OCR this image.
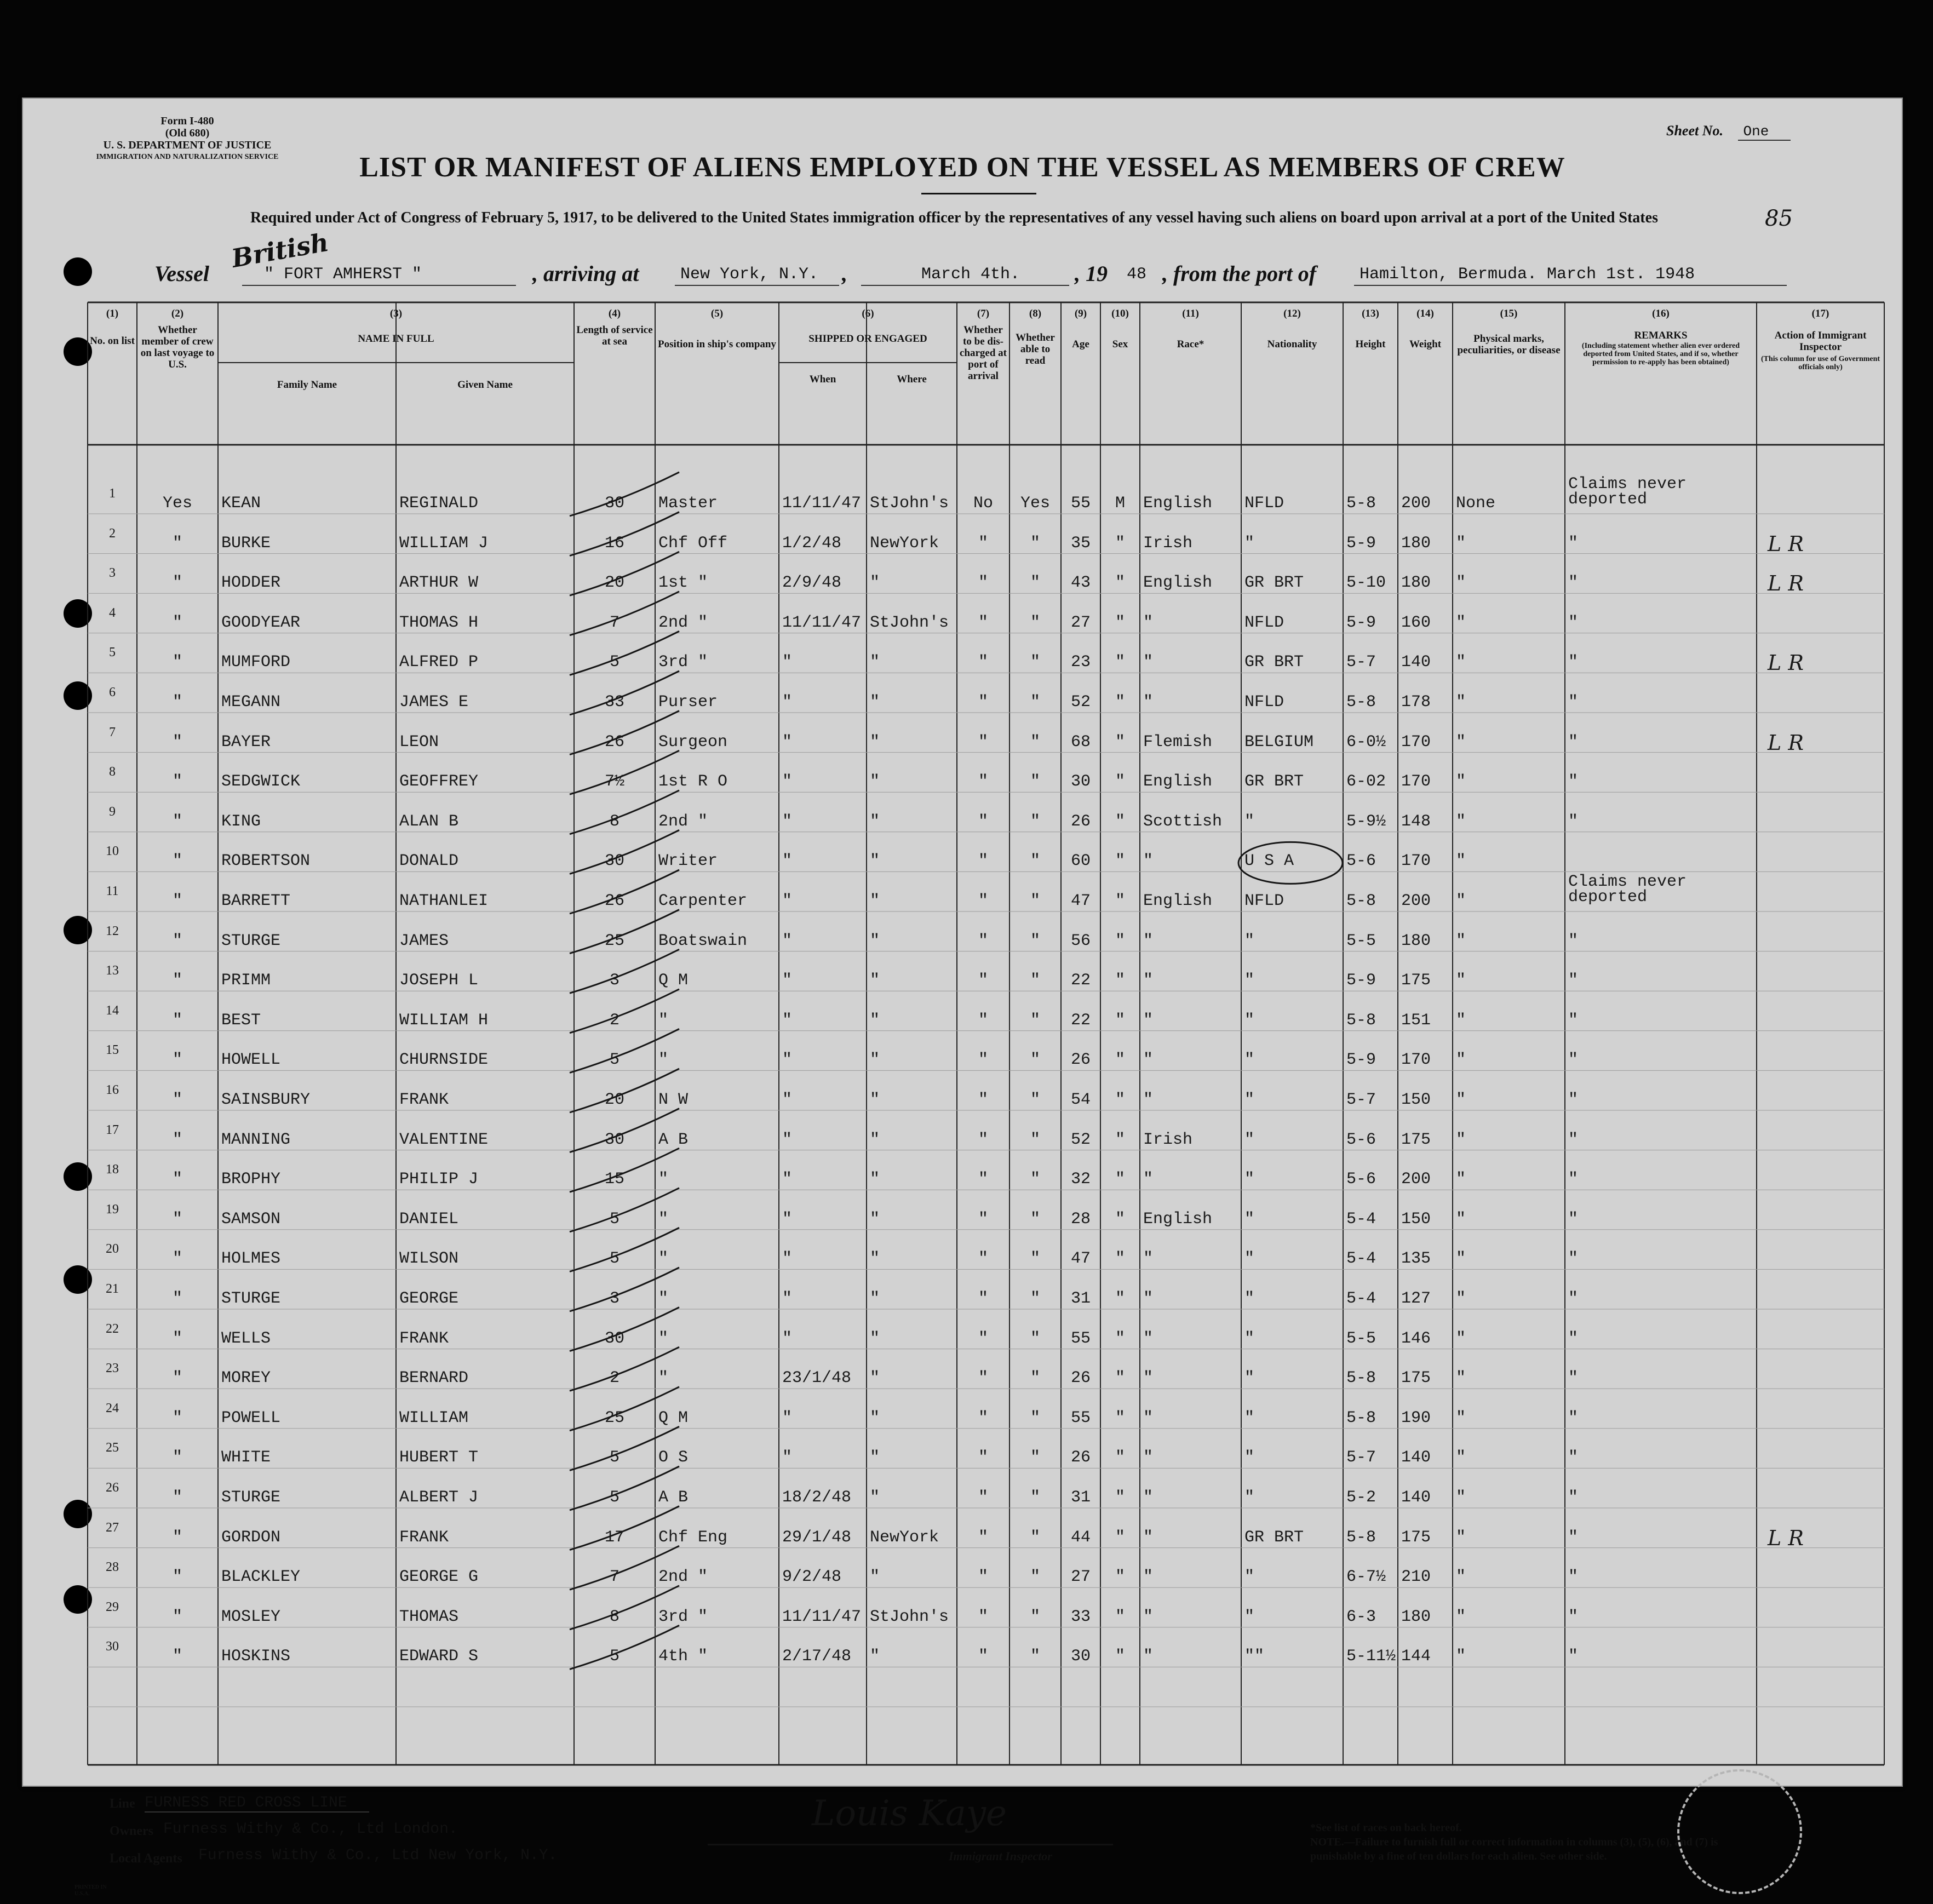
Form I-480
(Old 680)
U. S. DEPARTMENT OF JUSTICE
IMMIGRATION AND NATURALIZATION SERVICE
Sheet No. One
LIST OR MANIFEST OF ALIENS EMPLOYED ON THE VESSEL AS MEMBERS OF CREW
Required under Act of Congress of February 5, 1917, to be delivered to the United States immigration officer by the representatives of any vessel having such aliens on board upon arrival at a port of the United States	85
Vessel
British
" FORT AMHERST "	, arriving at	New York, N.Y. ,	March 4th. , 19 48 , from the port of	Hamilton, Bermuda. March 1st. 1948
No. on list
Whether member of crew on last voyage to U.S.
NAME IN FULL
Family Name	Given Name
Length of service at sea	Position in ship's company	SHIPPED OR ENGAGED
When	Where
Whether to be dis-charged at port of arrival
Whether able to read
Age	Sex	Race*	Nationality	Height	Weight	Physical marks, peculiarities, or disease
REMARKS
(Including statement whether alien ever ordered deported from United States, and if so, whether permission to re-apply has been obtained)
Action of Immigrant Inspector
(This column for use of Government officials only)
(1)	(2)	(3)	(4)	(5)	(6)	(7)	(8)	(9)	(10)	(11)	(12)	(13)	(14)	(15)	(16)	(17)
1
Yes	KEAN	REGINALD	30	Master	11/11/47 StJohn's	No	Yes	55	M	English	NFLD	5-8	200	None
Claims never deported
2
"	BURKE	WILLIAM J	16	Chf Off	1/2/48	NewYork	"	"	35	"	Irish	"	5-9	180	"	"	L R
3
"	HODDER	ARTHUR W	20	1st "	2/9/48	"	"	"	43	"	English	GR BRT	5-10 180	"	"	L R
4
"	GOODYEAR	THOMAS H	7	2nd "	11/11/47 StJohn's	"	"	27	"	"	NFLD	5-9	160	"	"
5
"	MUMFORD	ALFRED P	5	3rd "	"	"	"	"	23	"	"	GR BRT	5-7	140	"	"	L R
6
"	MEGANN	JAMES E	33	Purser	"	"	"	"	52	"	"	NFLD	5-8	178	"	"
7
"	BAYER	LEON	26	Surgeon	"	"	"	"	68	"	Flemish	BELGIUM	6-0½ 170	"	"	L R
8
"	SEDGWICK	GEOFFREY	7½	1st R O	"	"	"	"	30	"	English	GR BRT	6-02 170	"	"
9
"	KING	ALAN B	8	2nd "	"	"	"	"	26	"	Scottish	"	5-9½ 148	"	"
10
"	ROBERTSON	DONALD	30	Writer	"	"	"	"	60	"	"	U S A	5-6	170	"
11
"	BARRETT	NATHANLEI	26	Carpenter	"	"	"	"	47	"	English	NFLD	5-8	200	"
Claims never deported
12
"	STURGE	JAMES	25	Boatswain	"	"	"	"	56	"	"	"	5-5	180	"	"
13
"	PRIMM	JOSEPH L	3	Q M	"	"	"	"	22	"	"	"	5-9	175	"	"
14
"	BEST	WILLIAM H	2	"	"	"	"	"	22	"	"	"	5-8	151	"	"
15
"	HOWELL	CHURNSIDE	5	"	"	"	"	"	26	"	"	"	5-9	170	"	"
16
"	SAINSBURY	FRANK	20	N W	"	"	"	"	54	"	"	"	5-7	150	"	"
17
"	MANNING	VALENTINE	30	A B	"	"	"	"	52	"	Irish	"	5-6	175	"	"
18
"	BROPHY	PHILIP J	15	"	"	"	"	"	32	"	"	"	5-6	200	"	"
19
"	SAMSON	DANIEL	5	"	"	"	"	"	28	"	English	"	5-4	150	"	"
20
"	HOLMES	WILSON	5	"	"	"	"	"	47	"	"	"	5-4	135	"	"
21
"	STURGE	GEORGE	3	"	"	"	"	"	31	"	"	"	5-4	127	"	"
22
"	WELLS	FRANK	30	"	"	"	"	"	55	"	"	"	5-5	146	"	"
23
"	MOREY	BERNARD	2	"	23/1/48	"	"	"	26	"	"	"	5-8	175	"	"
24
"	POWELL	WILLIAM	25	Q M	"	"	"	"	55	"	"	"	5-8	190	"	"
25
"	WHITE	HUBERT T	5	O S	"	"	"	"	26	"	"	"	5-7	140	"	"
26
"	STURGE	ALBERT J	5	A B	18/2/48	"	"	"	31	"	"	"	5-2	140	"	"
27
"	GORDON	FRANK	17	Chf Eng	29/1/48	NewYork	"	"	44	"	"	GR BRT	5-8	175	"	"	L R
28
"	BLACKLEY	GEORGE G	7	2nd "	9/2/48	"	"	"	27	"	"	"	6-7½ 210	"	"
29
"	MOSLEY	THOMAS	8	3rd "	11/11/47 StJohn's	"	"	33	"	"	"	6-3	180	"	"
30
"	HOSKINS	EDWARD S	5	4th "	2/17/48	"	"	"	30	"	"	""	5-11½ 144	"	"
Line FURNESS RED CROSS LINE
Owners Furness Withy & Co., Ltd London.
Local Agents Furness Withy & Co., Ltd New York, N.Y.
Louis Kaye
Immigrant Inspector
*See list of races on back hereof.
NOTE.—Failure to furnish full or correct information in columns (3), (5), (6), and (7) is punishable by a fine of ten dollars for each alien. See other side.
PRINTED IN U.S.A.
